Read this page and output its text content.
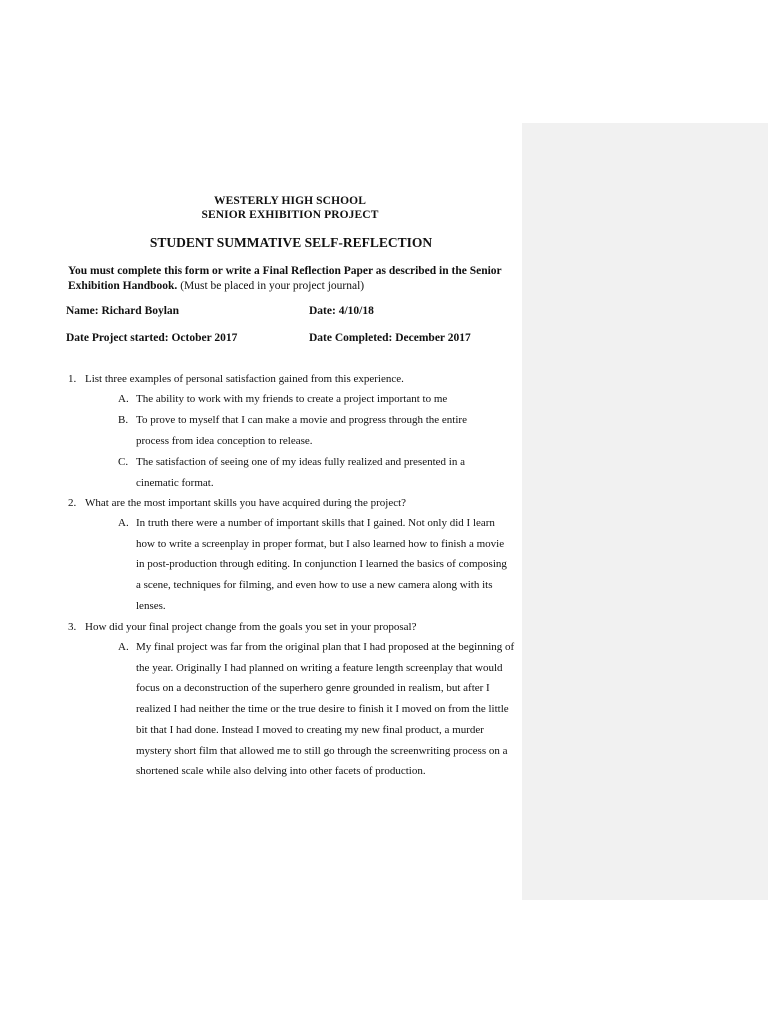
WESTERLY HIGH SCHOOL
SENIOR EXHIBITION PROJECT
STUDENT SUMMATIVE SELF-REFLECTION
You must complete this form or write a Final Reflection Paper as described in the Senior Exhibition Handbook. (Must be placed in your project journal)
Name: Richard Boylan	Date: 4/10/18
Date Project started: October 2017	Date Completed: December 2017
1. List three examples of personal satisfaction gained from this experience.
A. The ability to work with my friends to create a project important to me
B. To prove to myself that I can make a movie and progress through the entire process from idea conception to release.
C. The satisfaction of seeing one of my ideas fully realized and presented in a cinematic format.
2. What are the most important skills you have acquired during the project?
A. In truth there were a number of important skills that I gained. Not only did I learn how to write a screenplay in proper format, but I also learned how to finish a movie in post-production through editing. In conjunction I learned the basics of composing a scene, techniques for filming, and even how to use a new camera along with its lenses.
3. How did your final project change from the goals you set in your proposal?
A. My final project was far from the original plan that I had proposed at the beginning of the year. Originally I had planned on writing a feature length screenplay that would focus on a deconstruction of the superhero genre grounded in realism, but after I realized I had neither the time or the true desire to finish it I moved on from the little bit that I had done. Instead I moved to creating my new final product, a murder mystery short film that allowed me to still go through the screenwriting process on a shortened scale while also delving into other facets of production.
